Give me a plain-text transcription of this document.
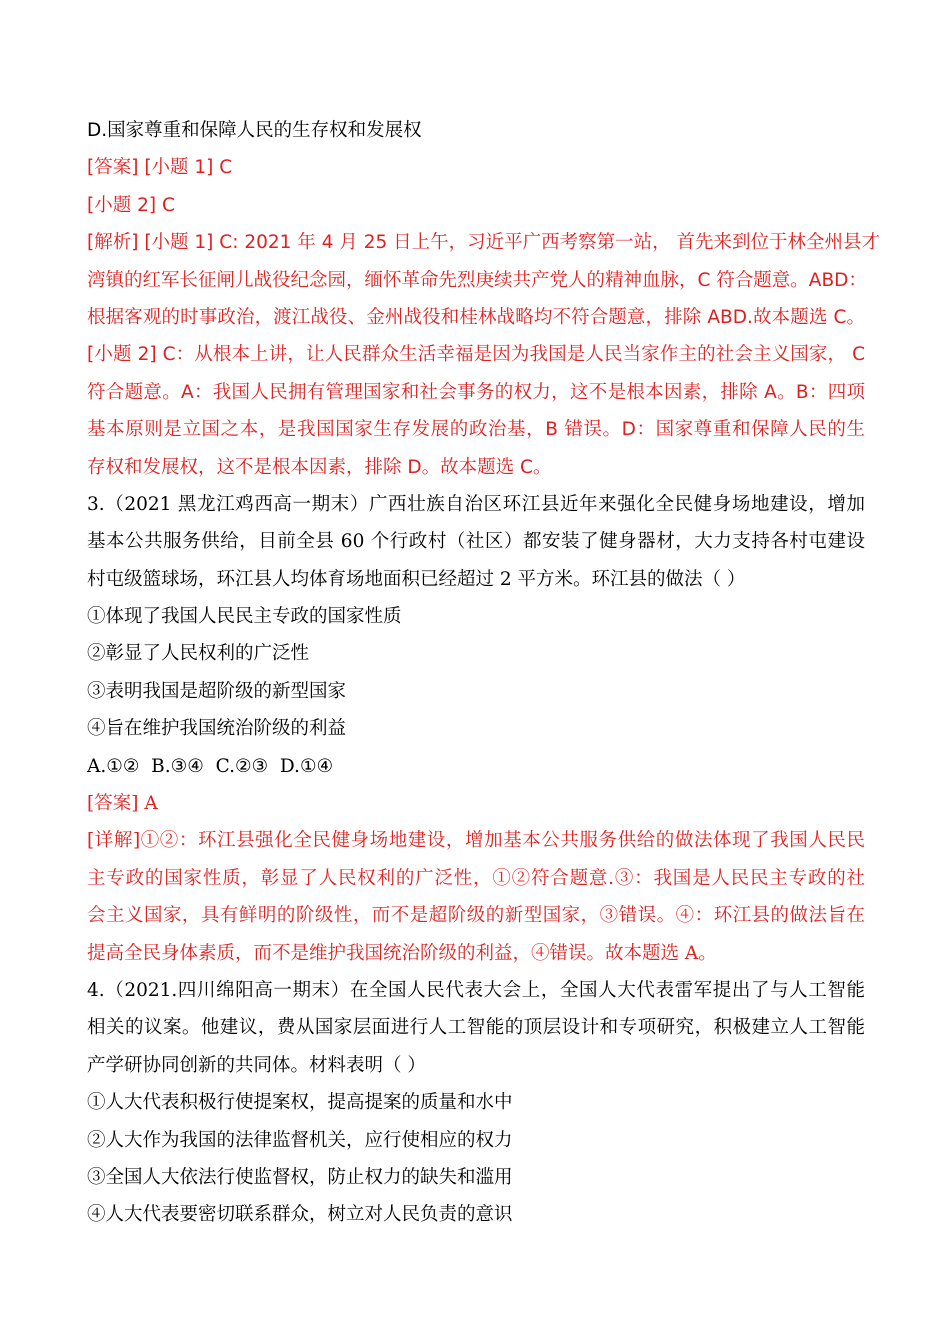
D.国家尊重和保障人民的生存权和发展权
[答案] [小题 1] C
[小题 2] C
[解析] [小题 1] C: 2021 年 4 月 25 日上午，习近平广西考察第一站， 首先来到位于林全州县才
湾镇的红军长征闸儿战役纪念园，缅怀革命先烈庚续共产党人的精神血脉，C 符合题意。ABD：
根据客观的时事政治，渡江战役、金州战役和桂林战略均不符合题意，排除 ABD.故本题选 C。
[小题 2] C：从根本上讲，让人民群众生活幸福是因为我国是人民当家作主的社会主义国家， C
符合题意。A：我国人民拥有管理国家和社会事务的权力，这不是根本因素，排除 A。B：四项
基本原则是立国之本，是我国国家生存发展的政治基，B 错误。D：国家尊重和保障人民的生
存权和发展权，这不是根本因素，排除 D。故本题选 C。
3.（2021 黑龙江鸡西高一期末）广西壮族自治区环江县近年来强化全民健身场地建设，增加
基本公共服务供给，目前全县 60 个行政村（社区）都安装了健身器材，大力支持各村屯建设
村屯级篮球场，环江县人均体育场地面积已经超过 2 平方米。环江县的做法（ ）
①体现了我国人民民主专政的国家性质
②彰显了人民权利的广泛性
③表明我国是超阶级的新型国家
④旨在维护我国统治阶级的利益
A.①②  B.③④  C.②③  D.①④
[答案] A
[详解]①②：环江县强化全民健身场地建设，增加基本公共服务供给的做法体现了我国人民民
主专政的国家性质，彰显了人民权利的广泛性，①②符合题意.③：我国是人民民主专政的社
会主义国家，具有鲜明的阶级性，而不是超阶级的新型国家，③错误。④：环江县的做法旨在
提高全民身体素质，而不是维护我国统治阶级的利益，④错误。故本题选 A。
4.（2021.四川绵阳高一期末）在全国人民代表大会上，全国人大代表雷军提出了与人工智能
相关的议案。他建议，费从国家层面进行人工智能的顶层设计和专项研究，积极建立人工智能
产学研协同创新的共同体。材料表明（ ）
①人大代表积极行使提案权，提高提案的质量和水中
②人大作为我国的法律监督机关，应行使相应的权力
③全国人大依法行使监督权，防止权力的缺失和滥用
④人大代表要密切联系群众，树立对人民负责的意识
